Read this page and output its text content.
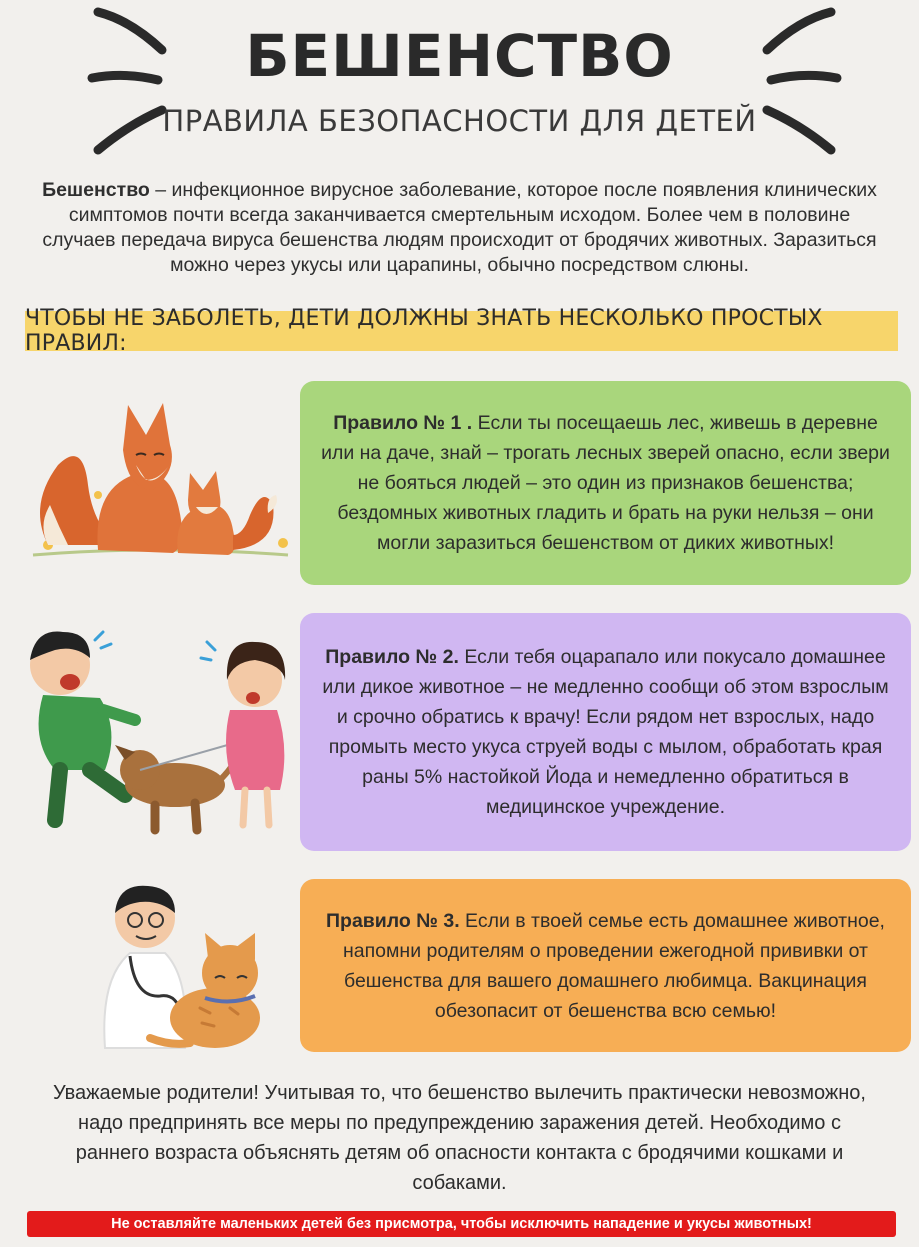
БЕШЕНСТВО
ПРАВИЛА БЕЗОПАСНОСТИ ДЛЯ ДЕТЕЙ
Бешенство – инфекционное вирусное заболевание, которое после появления клинических симптомов почти всегда заканчивается смертельным исходом. Более чем в половине случаев передача вируса бешенства людям происходит от бродячих животных. Заразиться можно через укусы или царапины, обычно посредством слюны.
ЧТОБЫ НЕ ЗАБОЛЕТЬ, ДЕТИ ДОЛЖНЫ ЗНАТЬ НЕСКОЛЬКО ПРОСТЫХ ПРАВИЛ:
Правило № 1 . Если ты посещаешь лес, живешь в деревне или на даче, знай – трогать лесных зверей опасно, если звери не бояться людей – это один из признаков бешенства; бездомных животных гладить и брать на руки нельзя – они могли заразиться бешенством от диких животных!
Правило № 2. Если тебя оцарапало или покусало домашнее или дикое животное – не медленно сообщи об этом взрослым и срочно обратись к врачу! Если рядом нет взрослых, надо промыть место укуса струей воды с мылом, обработать края раны 5% настойкой Йода и немедленно обратиться в медицинское учреждение.
Правило № 3. Если в твоей семье есть домашнее животное, напомни родителям о проведении ежегодной прививки от бешенства для вашего домашнего любимца. Вакцинация обезопасит от бешенства всю семью!
Уважаемые родители! Учитывая то, что бешенство вылечить практически невозможно, надо предпринять все меры по предупреждению заражения детей. Необходимо с раннего возраста объяснять детям об опасности контакта с бродячими кошками и собаками.
Не оставляйте маленьких детей без присмотра, чтобы исключить нападение и укусы животных!
